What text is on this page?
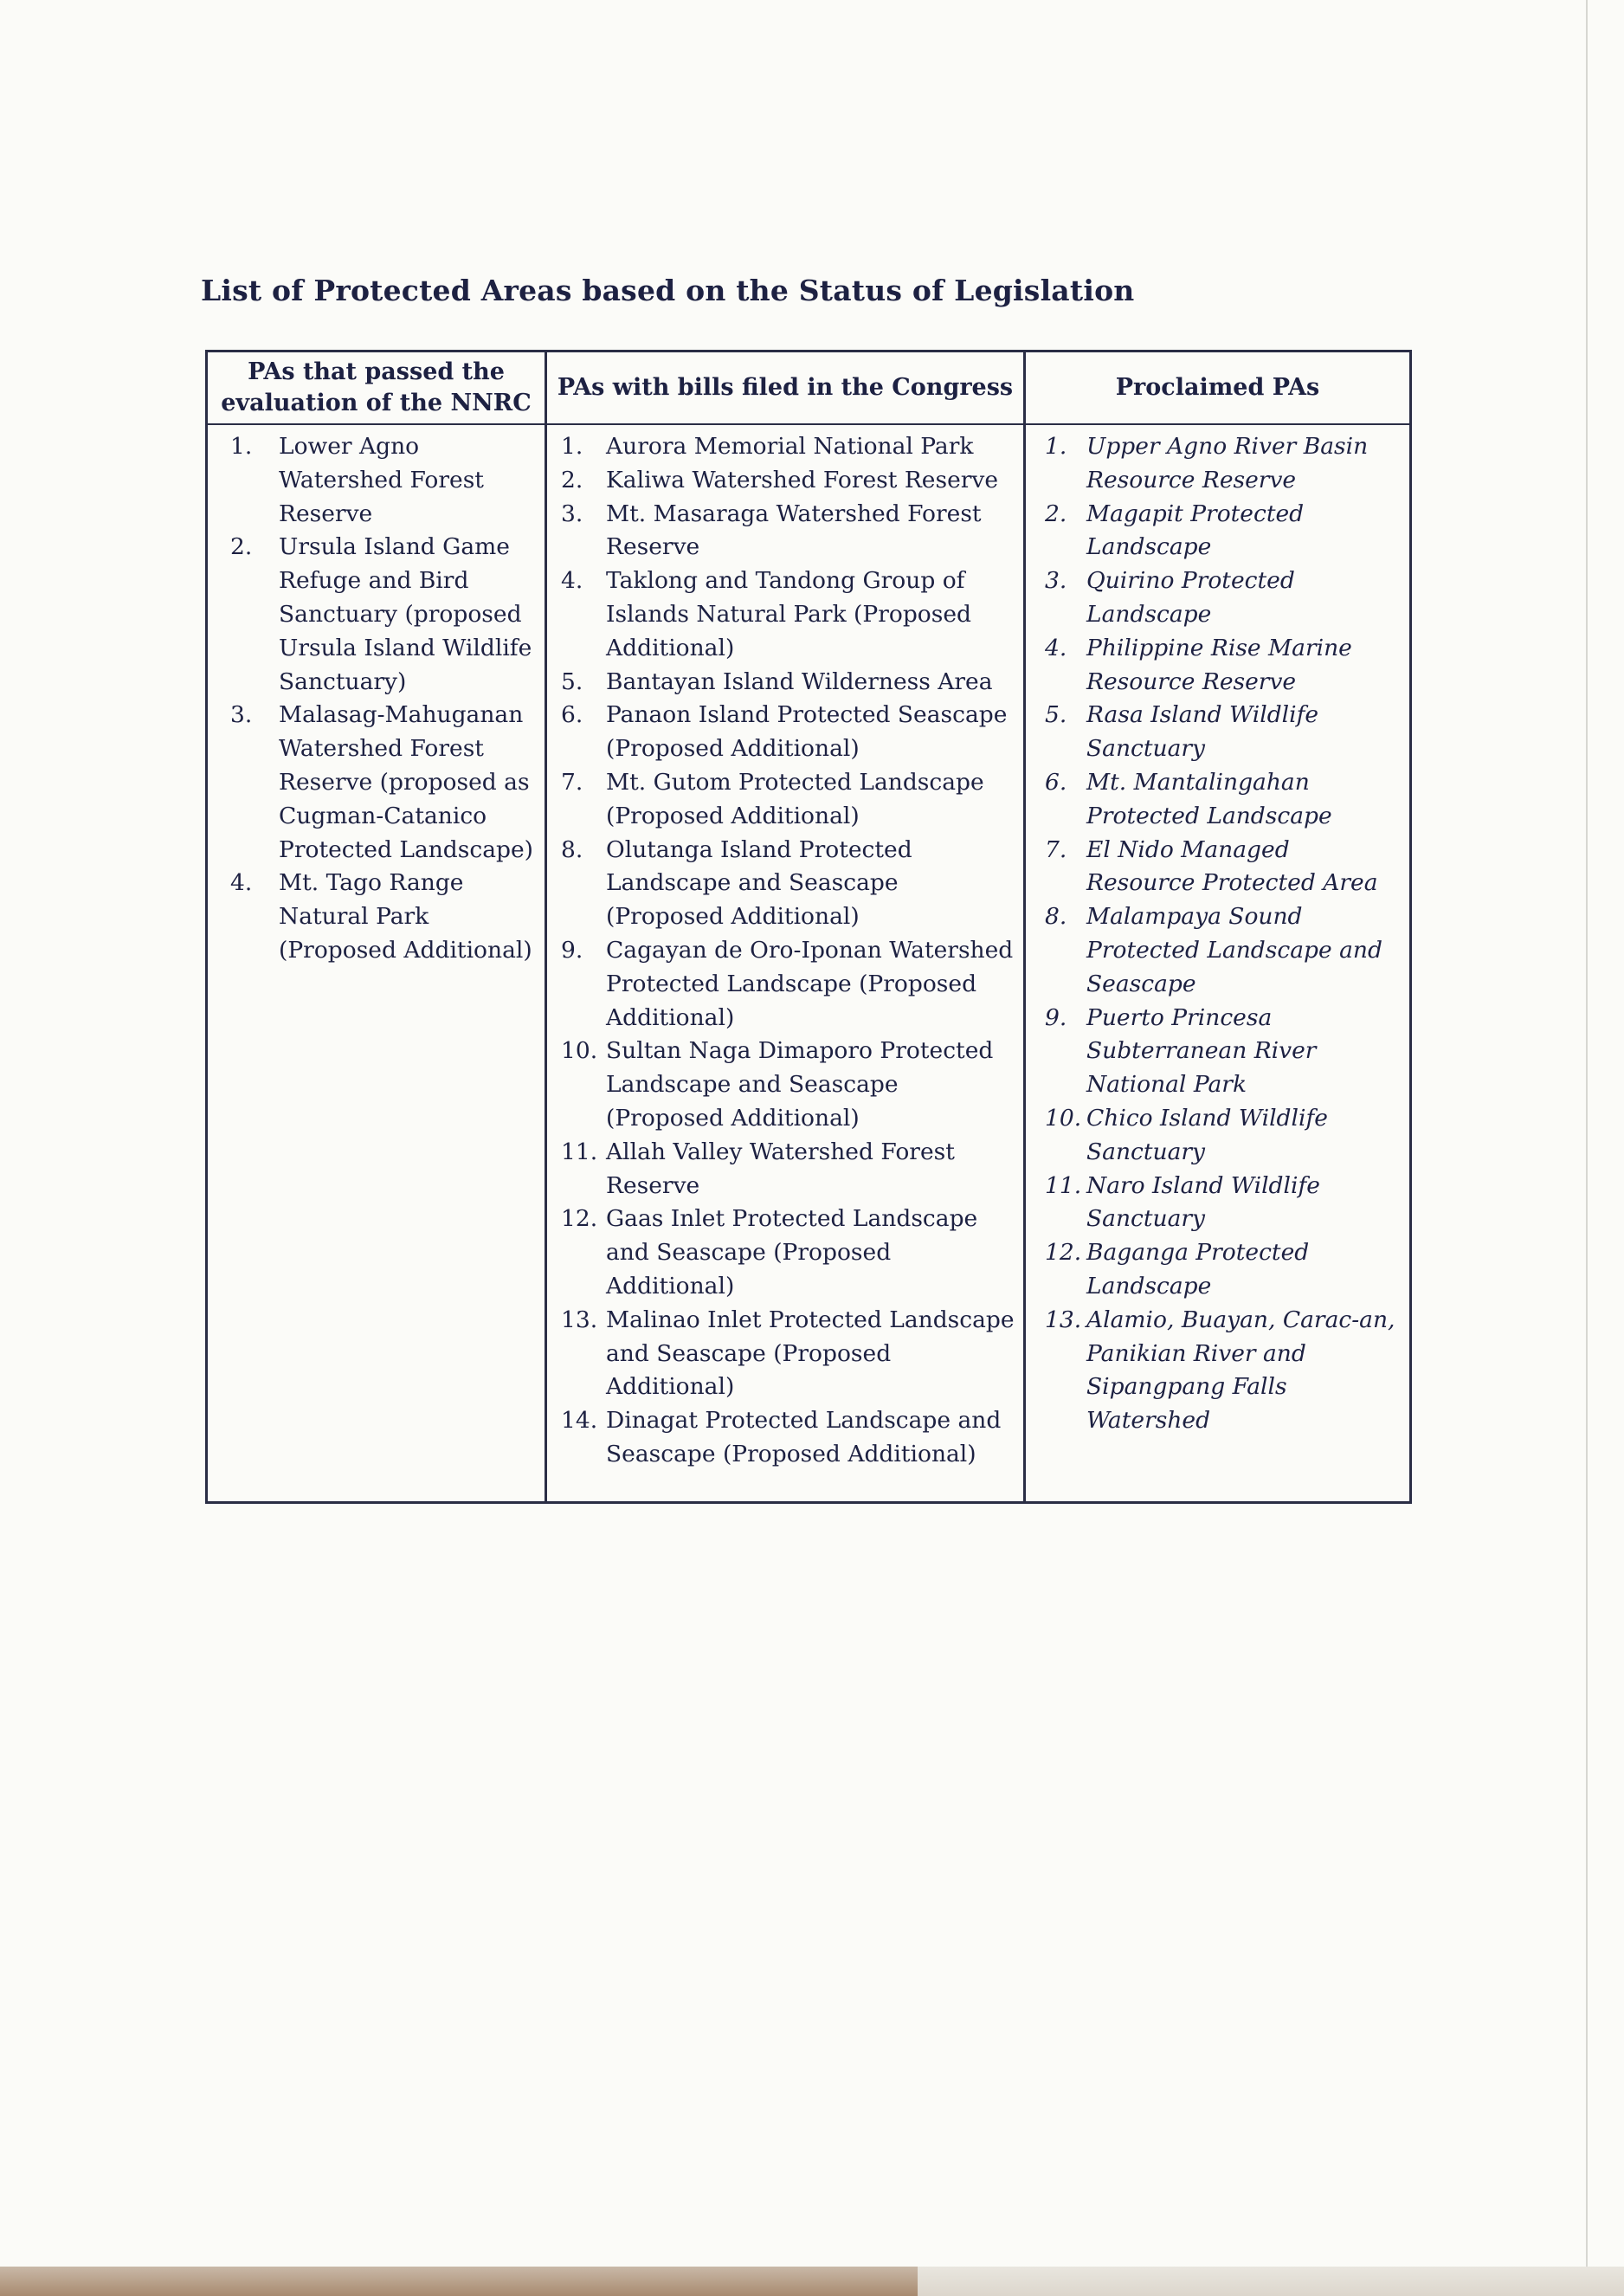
List of Protected Areas based on the Status of Legislation
PAs that passed the evaluation of the NNRC
1. Lower Agno Watershed Forest Reserve
2. Ursula Island Game Refuge and Bird Sanctuary (proposed Ursula Island Wildlife Sanctuary)
3. Malasag-Mahuganan Watershed Forest Reserve (proposed as Cugman-Catanico Protected Landscape)
4. Mt. Tago Range Natural Park (Proposed Additional)
PAs with bills filed in the Congress
1. Aurora Memorial National Park
2. Kaliwa Watershed Forest Reserve
3. Mt. Masaraga Watershed Forest Reserve
4. Taklong and Tandong Group of Islands Natural Park (Proposed Additional)
5. Bantayan Island Wilderness Area
6. Panaon Island Protected Seascape (Proposed Additional)
7. Mt. Gutom Protected Landscape (Proposed Additional)
8. Olutanga Island Protected Landscape and Seascape (Proposed Additional)
9. Cagayan de Oro-Iponan Watershed Protected Landscape (Proposed Additional)
10. Sultan Naga Dimaporo Protected Landscape and Seascape (Proposed Additional)
11. Allah Valley Watershed Forest Reserve
12. Gaas Inlet Protected Landscape and Seascape (Proposed Additional)
13. Malinao Inlet Protected Landscape and Seascape (Proposed Additional)
14. Dinagat Protected Landscape and Seascape (Proposed Additional)
Proclaimed PAs
1. Upper Agno River Basin Resource Reserve
2. Magapit Protected Landscape
3. Quirino Protected Landscape
4. Philippine Rise Marine Resource Reserve
5. Rasa Island Wildlife Sanctuary
6. Mt. Mantalingahan Protected Landscape
7. El Nido Managed Resource Protected Area
8. Malampaya Sound Protected Landscape and Seascape
9. Puerto Princesa Subterranean River National Park
10. Chico Island Wildlife Sanctuary
11. Naro Island Wildlife Sanctuary
12. Baganga Protected Landscape
13. Alamio, Buayan, Carac-an, Panikian River and Sipangpang Falls Watershed
